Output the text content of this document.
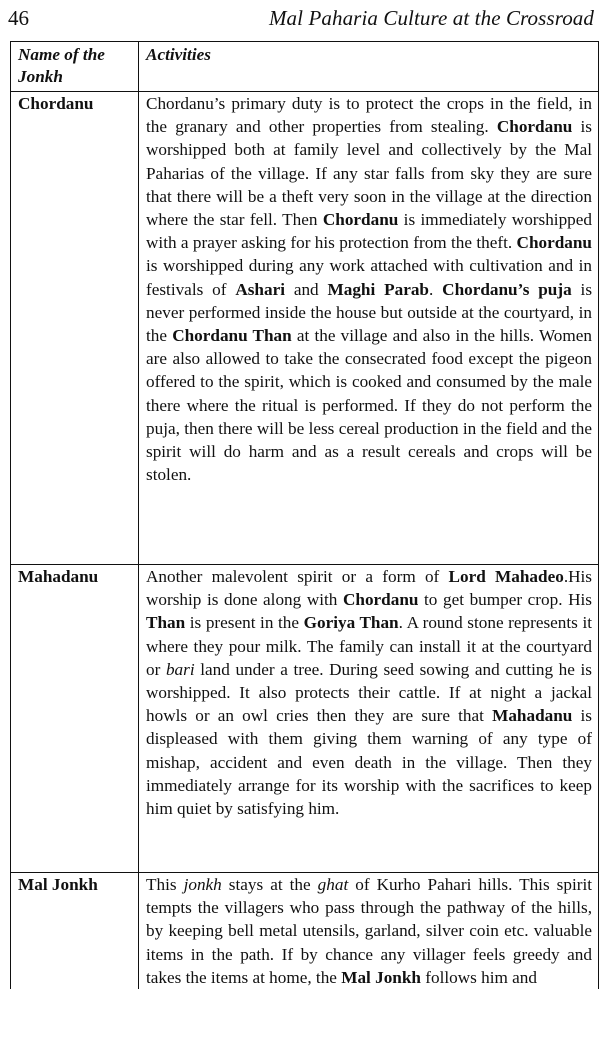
46	Mal Paharia Culture at the Crossroad
Name of the Jonkh	Activities
Chordanu	Chordanu’s primary duty is to protect the crops in the field, in the granary and other properties from stealing. Chordanu is worshipped both at family level and collectively by the Mal Paharias of the village. If any star falls from sky they are sure that there will be a theft very soon in the village at the direction where the star fell. Then Chordanu is immediately worshipped with a prayer asking for his protection from the theft. Chordanu is worshipped during any work attached with cultivation and in festivals of Ashari and Maghi Parab. Chordanu’s puja is never performed inside the house but outside at the courtyard, in the Chordanu Than at the village and also in the hills. Women are also allowed to take the consecrated food except the pigeon offered to the spirit, which is cooked and consumed by the male there where the ritual is performed. If they do not perform the puja, then there will be less cereal production in the field and the spirit will do harm and as a result cereals and crops will be stolen.
Mahadanu	Another malevolent spirit or a form of Lord Mahadeo.His worship is done along with Chordanu to get bumper crop. His Than is present in the Goriya Than. A round stone represents it where they pour milk. The family can install it at the courtyard or bari land under a tree. During seed sowing and cutting he is worshipped. It also protects their cattle. If at night a jackal howls or an owl cries then they are sure that Mahadanu is displeased with them giving them warning of any type of mishap, accident and even death in the village. Then they immediately arrange for its worship with the sacrifices to keep him quiet by satisfying him.
Mal Jonkh	This jonkh stays at the ghat of Kurho Pahari hills. This spirit tempts the villagers who pass through the pathway of the hills, by keeping bell metal utensils, garland, silver coin etc. valuable items in the path. If by chance any villager feels greedy and takes the items at home, the Mal Jonkh follows him and
